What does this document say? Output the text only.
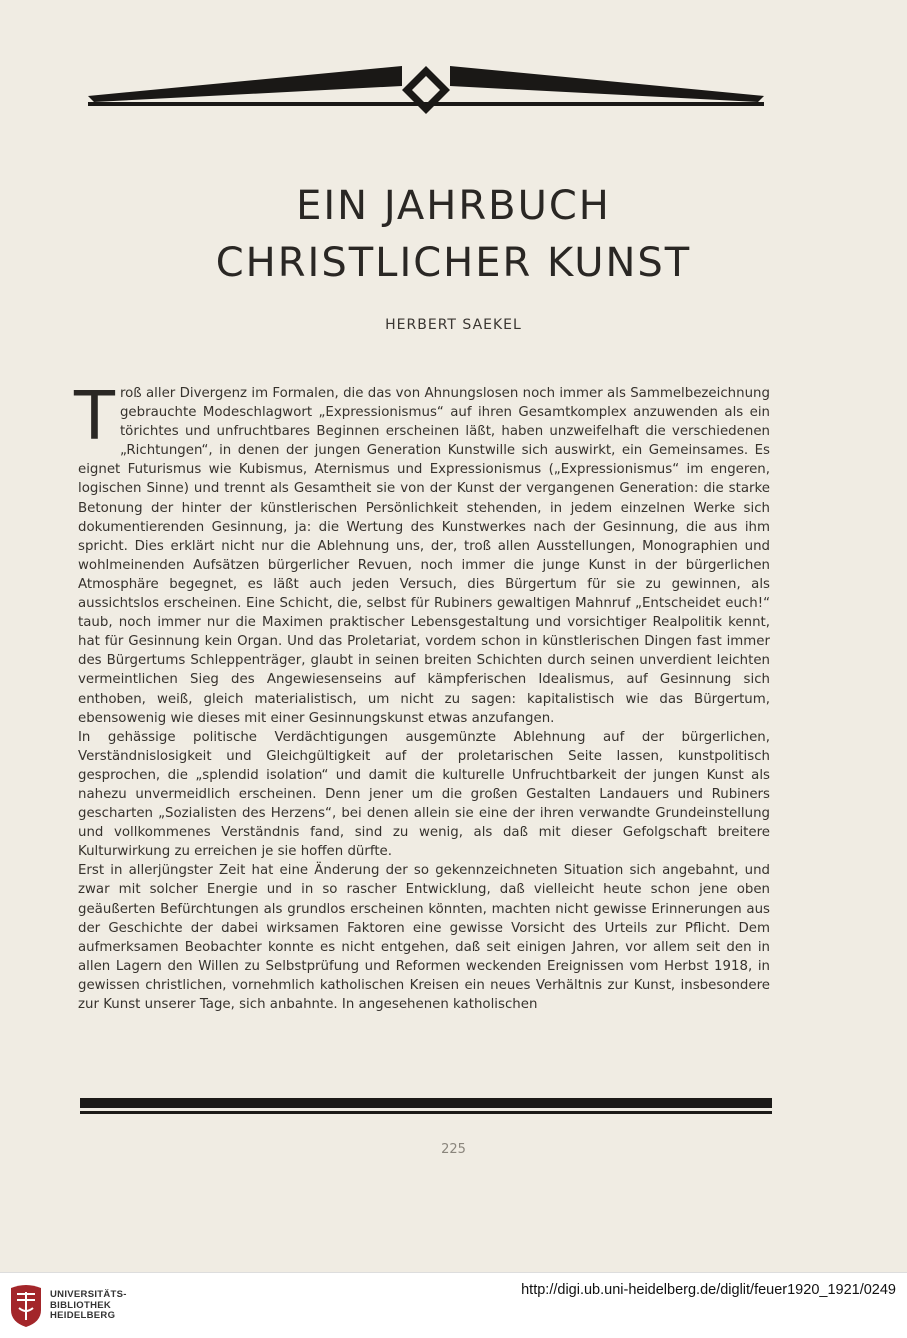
EIN JAHRBUCH
CHRISTLICHER KUNST
HERBERT SAEKEL

Troß aller Divergenz im Formalen, die das von Ahnungslosen noch immer als Sammelbezeichnung gebrauchte Modeschlagwort „Expressionismus“ auf ihren Gesamtkomplex anzuwenden als ein törichtes und unfruchtbares Beginnen erscheinen läßt, haben unzweifelhaft die verschiedenen „Richtungen“, in denen der jungen Generation Kunstwille sich auswirkt, ein Gemeinsames. Es eignet Futurismus wie Kubismus, Aternismus und Expressionismus („Expressionismus“ im engeren, logischen Sinne) und trennt als Gesamtheit sie von der Kunst der vergangenen Generation: die starke Betonung der hinter der künstlerischen Persönlichkeit stehenden, in jedem einzelnen Werke sich dokumentierenden Gesinnung, ja: die Wertung des Kunstwerkes nach der Gesinnung, die aus ihm spricht. Dies erklärt nicht nur die Ablehnung uns, der, troß allen Ausstellungen, Monographien und wohlmeinenden Aufsätzen bürgerlicher Revuen, noch immer die junge Kunst in der bürgerlichen Atmosphäre begegnet, es läßt auch jeden Versuch, dies Bürgertum für sie zu gewinnen, als aussichtslos erscheinen. Eine Schicht, die, selbst für Rubiners gewaltigen Mahnruf „Entscheidet euch!“ taub, noch immer nur die Maximen praktischer Lebensgestaltung und vorsichtiger Realpolitik kennt, hat für Gesinnung kein Organ. Und das Proletariat, vordem schon in künstlerischen Dingen fast immer des Bürgertums Schleppenträger, glaubt in seinen breiten Schichten durch seinen unverdient leichten vermeintlichen Sieg des Angewiesenseins auf kämpferischen Idealismus, auf Gesinnung sich enthoben, weiß, gleich materialistisch, um nicht zu sagen: kapitalistisch wie das Bürgertum, ebensowenig wie dieses mit einer Gesinnungskunst etwas anzufangen.

In gehässige politische Verdächtigungen ausgemünzte Ablehnung auf der bürgerlichen, Verständnislosigkeit und Gleichgültigkeit auf der proletarischen Seite lassen, kunstpolitisch gesprochen, die „splendid isolation“ und damit die kulturelle Unfruchtbarkeit der jungen Kunst als nahezu unvermeidlich erscheinen. Denn jener um die großen Gestalten Landauers und Rubiners gescharten „Sozialisten des Herzens“, bei denen allein sie eine der ihren verwandte Grundeinstellung und vollkommenes Verständnis fand, sind zu wenig, als daß mit dieser Gefolgschaft breitere Kulturwirkung zu erreichen je sie hoffen dürfte.

Erst in allerjüngster Zeit hat eine Änderung der so gekennzeichneten Situation sich angebahnt, und zwar mit solcher Energie und in so rascher Entwicklung, daß vielleicht heute schon jene oben geäußerten Befürchtungen als grundlos erscheinen könnten, machten nicht gewisse Erinnerungen aus der Geschichte der dabei wirksamen Faktoren eine gewisse Vorsicht des Urteils zur Pflicht. Dem aufmerksamen Beobachter konnte es nicht entgehen, daß seit einigen Jahren, vor allem seit den in allen Lagern den Willen zu Selbstprüfung und Reformen weckenden Ereignissen vom Herbst 1918, in gewissen christlichen, vornehmlich katholischen Kreisen ein neues Verhältnis zur Kunst, insbesondere zur Kunst unserer Tage, sich anbahnte. In angesehenen katholischen

225
UNIVERSITÄTS-
BIBLIOTHEK
HEIDELBERG
http://digi.ub.uni-heidelberg.de/diglit/feuer1920_1921/0249
